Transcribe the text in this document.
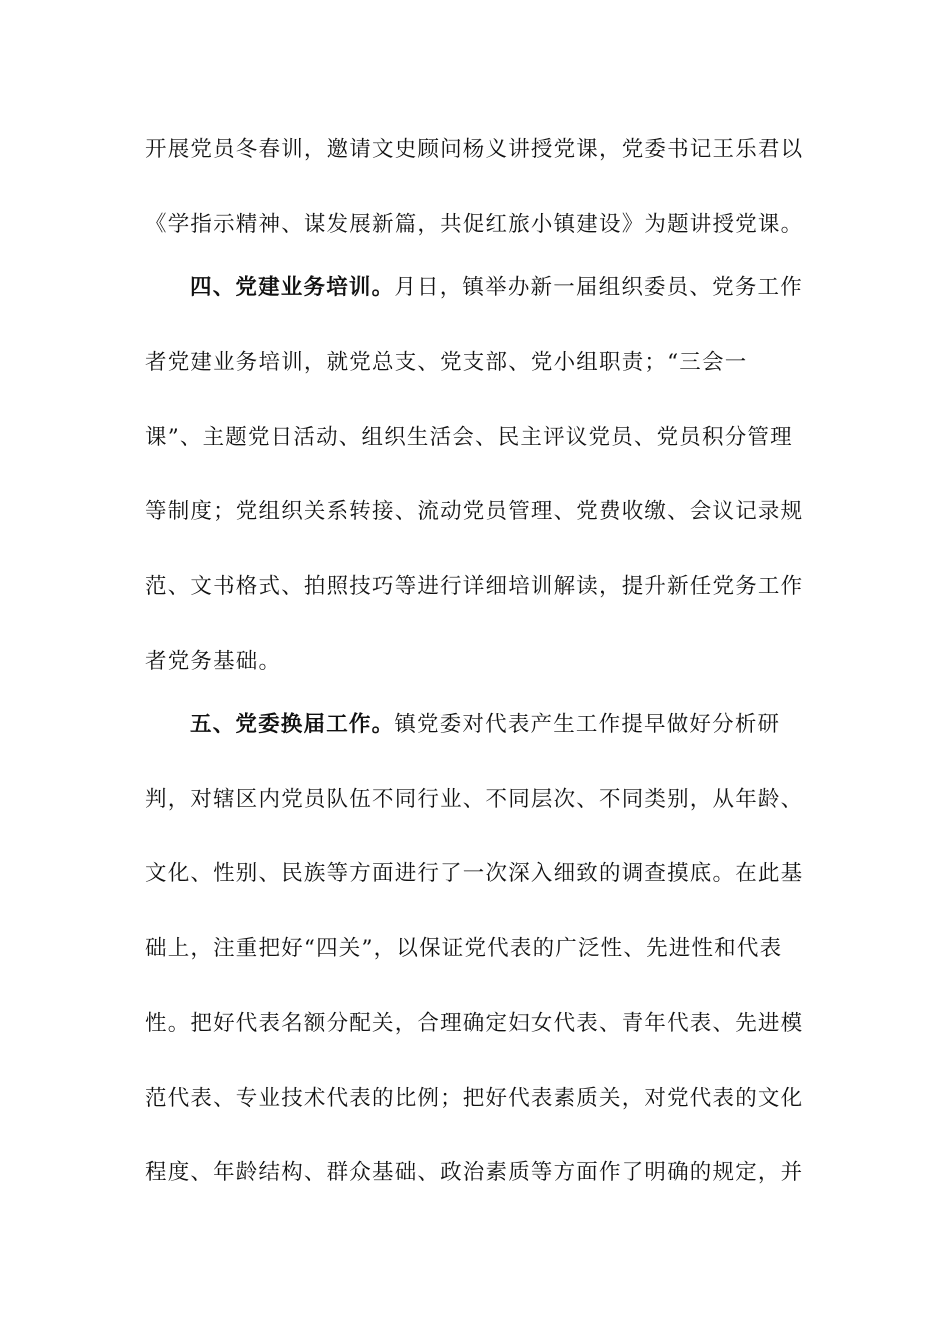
开展党员冬春训，邀请文史顾问杨义讲授党课，党委书记王乐君以
《学指示精神、谋发展新篇，共促红旅小镇建设》为题讲授党课。
四、党建业务培训。月日，镇举办新一届组织委员、党务工作
者党建业务培训，就党总支、党支部、党小组职责；“三会一
课”、主题党日活动、组织生活会、民主评议党员、党员积分管理
等制度；党组织关系转接、流动党员管理、党费收缴、会议记录规
范、文书格式、拍照技巧等进行详细培训解读，提升新任党务工作
者党务基础。
五、党委换届工作。镇党委对代表产生工作提早做好分析研
判，对辖区内党员队伍不同行业、不同层次、不同类别，从年龄、
文化、性别、民族等方面进行了一次深入细致的调查摸底。在此基
础上，注重把好“四关”，以保证党代表的广泛性、先进性和代表
性。把好代表名额分配关，合理确定妇女代表、青年代表、先进模
范代表、专业技术代表的比例；把好代表素质关，对党代表的文化
程度、年龄结构、群众基础、政治素质等方面作了明确的规定，并
